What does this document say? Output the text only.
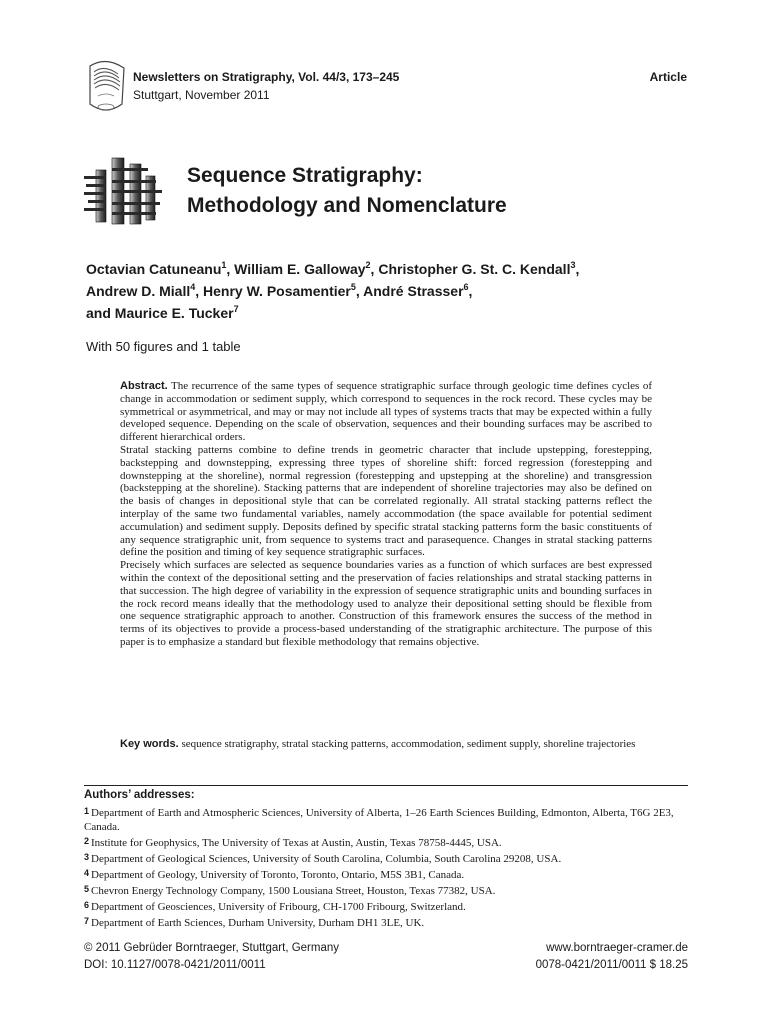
Newsletters on Stratigraphy, Vol. 44/3, 173–245
Stuttgart, November 2011
Article
Sequence Stratigraphy:
Methodology and Nomenclature
Octavian Catuneanu$^1$, William E. Galloway$^2$, Christopher G. St. C. Kendall$^3$,
Andrew D. Miall$^4$, Henry W. Posamentier$^5$, André Strasser$^6$,
and Maurice E. Tucker$^7$
With 50 figures and 1 table

Abstract. The recurrence of the same types of sequence stratigraphic surface through geologic time defines cycles of change in accommodation or sediment supply, which correspond to sequences in the rock record. These cycles may be symmetrical or asymmetrical, and may or may not include all types of systems tracts that may be expected within a fully developed sequence. Depending on the scale of observation, sequences and their bounding surfaces may be ascribed to different hierarchical orders.

Stratal stacking patterns combine to define trends in geometric character that include upstepping, forestepping, backstepping and downstepping, expressing three types of shoreline shift: forced regression (forestepping and downstepping at the shoreline), normal regression (forestepping and upstepping at the shoreline) and transgression (backstepping at the shoreline). Stacking patterns that are independent of shoreline trajectories may also be defined on the basis of changes in depositional style that can be correlated regionally. All stratal stacking patterns reflect the interplay of the same two fundamental variables, namely accommodation (the space available for potential sediment accumulation) and sediment supply. Deposits defined by specific stratal stacking patterns form the basic constituents of any sequence stratigraphic unit, from sequence to systems tract and parasequence. Changes in stratal stacking patterns define the position and timing of key sequence stratigraphic surfaces.

Precisely which surfaces are selected as sequence boundaries varies as a function of which surfaces are best expressed within the context of the depositional setting and the preservation of facies relationships and stratal stacking patterns in that succession. The high degree of variability in the expression of sequence stratigraphic units and bounding surfaces in the rock record means ideally that the methodology used to analyze their depositional setting should be flexible from one sequence stratigraphic approach to another. Construction of this framework ensures the success of the method in terms of its objectives to provide a process-based understanding of the stratigraphic architecture. The purpose of this paper is to emphasize a standard but flexible methodology that remains objective.

Key words. sequence stratigraphy, stratal stacking patterns, accommodation, sediment supply, shoreline trajectories
Authors’ addresses:
1 Department of Earth and Atmospheric Sciences, University of Alberta, 1–26 Earth Sciences Building, Edmonton, Alberta, T6G 2E3, Canada.
2 Institute for Geophysics, The University of Texas at Austin, Austin, Texas 78758-4445, USA.
3 Department of Geological Sciences, University of South Carolina, Columbia, South Carolina 29208, USA.
4 Department of Geology, University of Toronto, Toronto, Ontario, M5S 3B1, Canada.
5 Chevron Energy Technology Company, 1500 Lousiana Street, Houston, Texas 77382, USA.
6 Department of Geosciences, University of Fribourg, CH-1700 Fribourg, Switzerland.
7 Department of Earth Sciences, Durham University, Durham DH1 3LE, UK.
© 2011 Gebrüder Borntraeger, Stuttgart, Germany
DOI: 10.1127/0078-0421/2011/0011
www.borntraeger-cramer.de
0078-0421/2011/0011 $ 18.25
